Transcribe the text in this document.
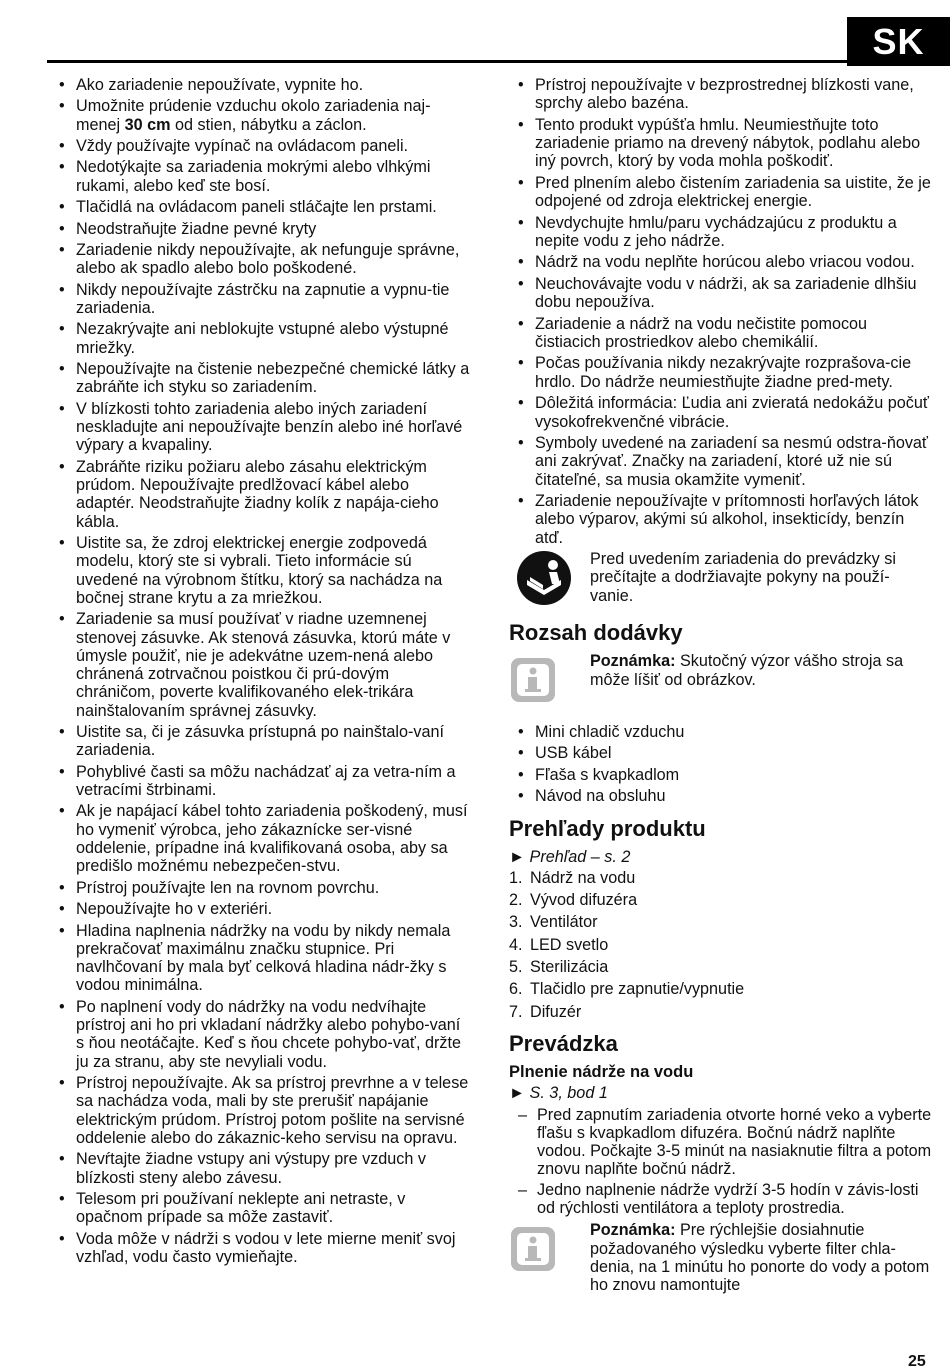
SK
• Ako zariadenie nepoužívate, vypnite ho.
• Umožnite prúdenie vzduchu okolo zariadenia naj-menej 30 cm od stien, nábytku a záclon.
• Vždy používajte vypínač na ovládacom paneli.
• Nedotýkajte sa zariadenia mokrými alebo vlhkými rukami, alebo keď ste bosí.
• Tlačidlá na ovládacom paneli stláčajte len prstami.
• Neodstraňujte žiadne pevné kryty
• Zariadenie nikdy nepoužívajte, ak nefunguje správne, alebo ak spadlo alebo bolo poškodené.
• Nikdy nepoužívajte zástrčku na zapnutie a vypnu-tie zariadenia.
• Nezakrývajte ani neblokujte vstupné alebo výstupné mriežky.
• Nepoužívajte na čistenie nebezpečné chemické látky a zabráňte ich styku so zariadením.
• V blízkosti tohto zariadenia alebo iných zariadení neskladujte ani nepoužívajte benzín alebo iné horľavé výpary a kvapaliny.
• Zabráňte riziku požiaru alebo zásahu elektrickým prúdom. Nepoužívajte predlžovací kábel alebo adaptér. Neodstraňujte žiadny kolík z napája-cieho kábla.
• Uistite sa, že zdroj elektrickej energie zodpovedá modelu, ktorý ste si vybrali. Tieto informácie sú uvedené na výrobnom štítku, ktorý sa nachádza na bočnej strane krytu a za mriežkou.
• Zariadenie sa musí používať v riadne uzemnenej stenovej zásuvke. Ak stenová zásuvka, ktorú máte v úmysle použiť, nie je adekvátne uzem-nená alebo chránená zotrvačnou poistkou či prú-dovým chráničom, poverte kvalifikovaného elek-trikára nainštalovaním správnej zásuvky.
• Uistite sa, či je zásuvka prístupná po nainštalo-vaní zariadenia.
• Pohyblivé časti sa môžu nachádzať aj za vetra-ním a vetracími štrbinami.
• Ak je napájací kábel tohto zariadenia poškodený, musí ho vymeniť výrobca, jeho zákaznícke ser-visné oddelenie, prípadne iná kvalifikovaná osoba, aby sa predišlo možnému nebezpečen-stvu.
• Prístroj používajte len na rovnom povrchu.
• Nepoužívajte ho v exteriéri.
• Hladina naplnenia nádržky na vodu by nikdy nemala prekračovať maximálnu značku stupnice. Pri navlhčovaní by mala byť celková hladina nádr-žky s vodou minimálna.
• Po naplnení vody do nádržky na vodu nedvíhajte prístroj ani ho pri vkladaní nádržky alebo pohybo-vaní s ňou neotáčajte. Keď s ňou chcete pohybo-vať, držte ju za stranu, aby ste nevyliali vodu.
• Prístroj nepoužívajte. Ak sa prístroj prevrhne a v telese sa nachádza voda, mali by ste prerušiť napájanie elektrickým prúdom. Prístroj potom pošlite na servisné oddelenie alebo do zákaznic-keho servisu na opravu.
• Nevŕtajte žiadne vstupy ani výstupy pre vzduch v blízkosti steny alebo závesu.
• Telesom pri používaní neklepte ani netraste, v opačnom prípade sa môže zastaviť.
• Voda môže v nádrži s vodou v lete mierne meniť svoj vzhľad, vodu často vymieňajte.
• Prístroj nepoužívajte v bezprostrednej blízkosti vane, sprchy alebo bazéna.
• Tento produkt vypúšťa hmlu. Neumiestňujte toto zariadenie priamo na drevený nábytok, podlahu alebo iný povrch, ktorý by voda mohla poškodiť.
• Pred plnením alebo čistením zariadenia sa uistite, že je odpojené od zdroja elektrickej energie.
• Nevdychujte hmlu/paru vychádzajúcu z produktu a nepite vodu z jeho nádrže.
• Nádrž na vodu neplňte horúcou alebo vriacou vodou.
• Neuchovávajte vodu v nádrži, ak sa zariadenie dlhšiu dobu nepoužíva.
• Zariadenie a nádrž na vodu nečistite pomocou čistiacich prostriedkov alebo chemikálií.
• Počas používania nikdy nezakrývajte rozprašova-cie hrdlo. Do nádrže neumiestňujte žiadne pred-mety.
• Dôležitá informácia: Ľudia ani zvieratá nedokážu počuť vysokofrekvenčné vibrácie.
• Symboly uvedené na zariadení sa nesmú odstra-ňovať ani zakrývať. Značky na zariadení, ktoré už nie sú čitateľné, sa musia okamžite vymeniť.
• Zariadenie nepoužívajte v prítomnosti horľavých látok alebo výparov, akými sú alkohol, insekticídy, benzín atď.
Pred uvedením zariadenia do prevádzky si prečítajte a dodržiavajte pokyny na použí-vanie.
Rozsah dodávky
Poznámka: Skutočný výzor vášho stroja sa môže líšiť od obrázkov.
• Mini chladič vzduchu
• USB kábel
• Fľaša s kvapkadlom
• Návod na obsluhu
Prehľady produktu
► Prehľad – s. 2
1. Nádrž na vodu
2. Vývod difuzéra
3. Ventilátor
4. LED svetlo
5. Sterilizácia
6. Tlačidlo pre zapnutie/vypnutie
7. Difuzér
Prevádzka
Plnenie nádrže na vodu
► S. 3, bod 1
– Pred zapnutím zariadenia otvorte horné veko a vyberte fľašu s kvapkadlom difuzéra. Bočnú nádrž naplňte vodou. Počkajte 3-5 minút na nasiaknutie filtra a potom znovu naplňte bočnú nádrž.
– Jedno naplnenie nádrže vydrží 3-5 hodín v závis-losti od rýchlosti ventilátora a teploty prostredia.
Poznámka: Pre rýchlejšie dosiahnutie požadovaného výsledku vyberte filter chla-denia, na 1 minútu ho ponorte do vody a potom ho znovu namontujte
25
